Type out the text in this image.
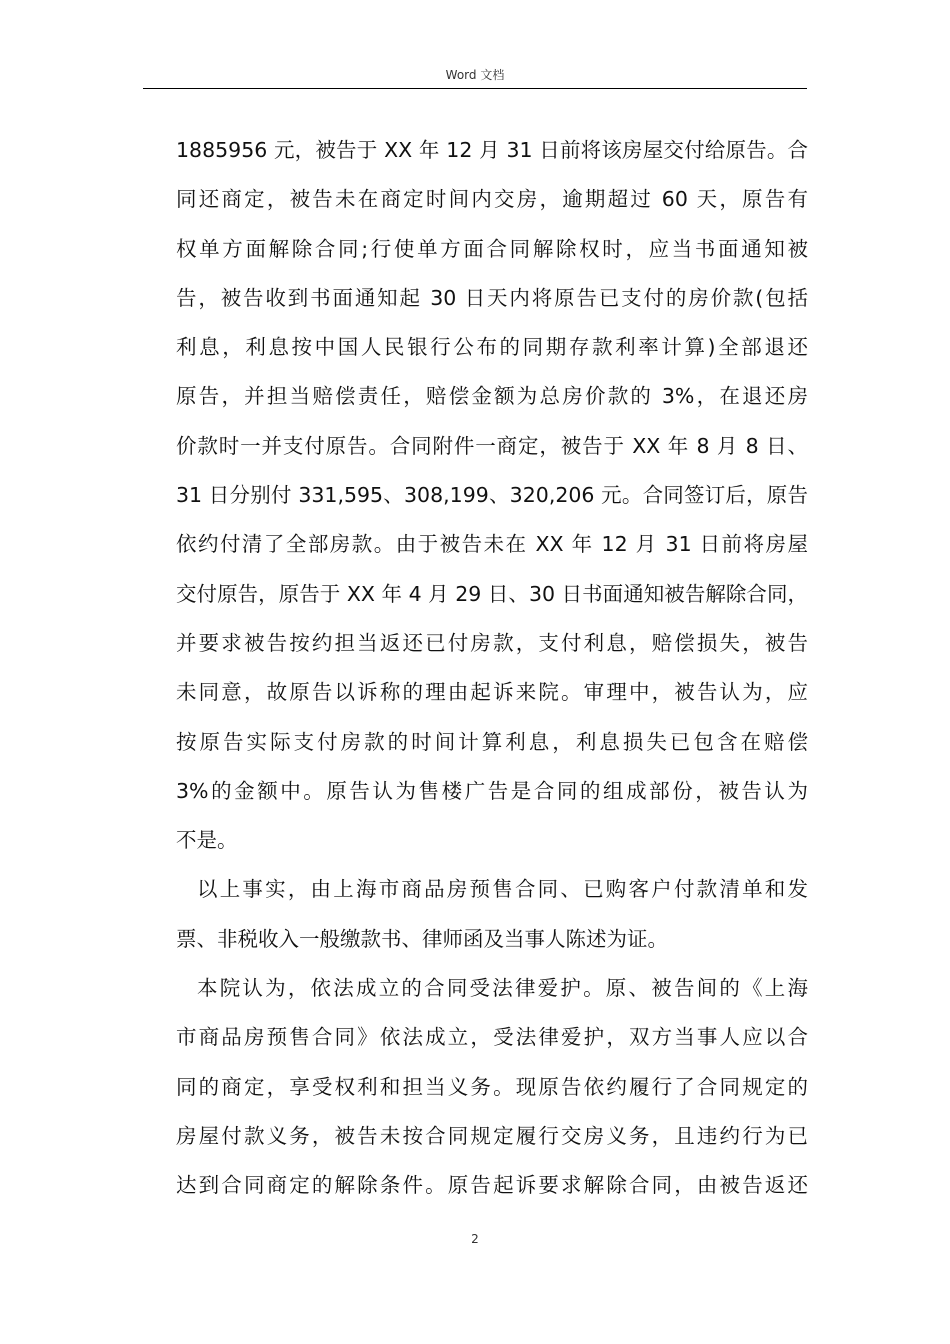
Word 文档
1885956 元，被告于 XX 年 12 月 31 日前将该房屋交付给原告。合
同还商定，被告未在商定时间内交房，逾期超过 60 天，原告有
权单方面解除合同;行使单方面合同解除权时，应当书面通知被
告，被告收到书面通知起 30 日天内将原告已支付的房价款(包括
利息，利息按中国人民银行公布的同期存款利率计算)全部退还
原告，并担当赔偿责任，赔偿金额为总房价款的 3%，在退还房
价款时一并支付原告。合同附件一商定，被告于 XX 年 8 月 8 日、
31 日分别付 331,595、308,199、320,206 元。合同签订后，原告
依约付清了全部房款。由于被告未在 XX 年 12 月 31 日前将房屋
交付原告，原告于 XX 年 4 月 29 日、30 日书面通知被告解除合同，
并要求被告按约担当返还已付房款，支付利息，赔偿损失，被告
未同意，故原告以诉称的理由起诉来院。审理中，被告认为，应
按原告实际支付房款的时间计算利息，利息损失已包含在赔偿
3%的金额中。原告认为售楼广告是合同的组成部份，被告认为
不是。
以上事实，由上海市商品房预售合同、已购客户付款清单和发
票、非税收入一般缴款书、律师函及当事人陈述为证。
本院认为，依法成立的合同受法律爱护。原、被告间的《上海
市商品房预售合同》依法成立，受法律爱护，双方当事人应以合
同的商定，享受权利和担当义务。现原告依约履行了合同规定的
房屋付款义务，被告未按合同规定履行交房义务，且违约行为已
达到合同商定的解除条件。原告起诉要求解除合同，由被告返还
2
